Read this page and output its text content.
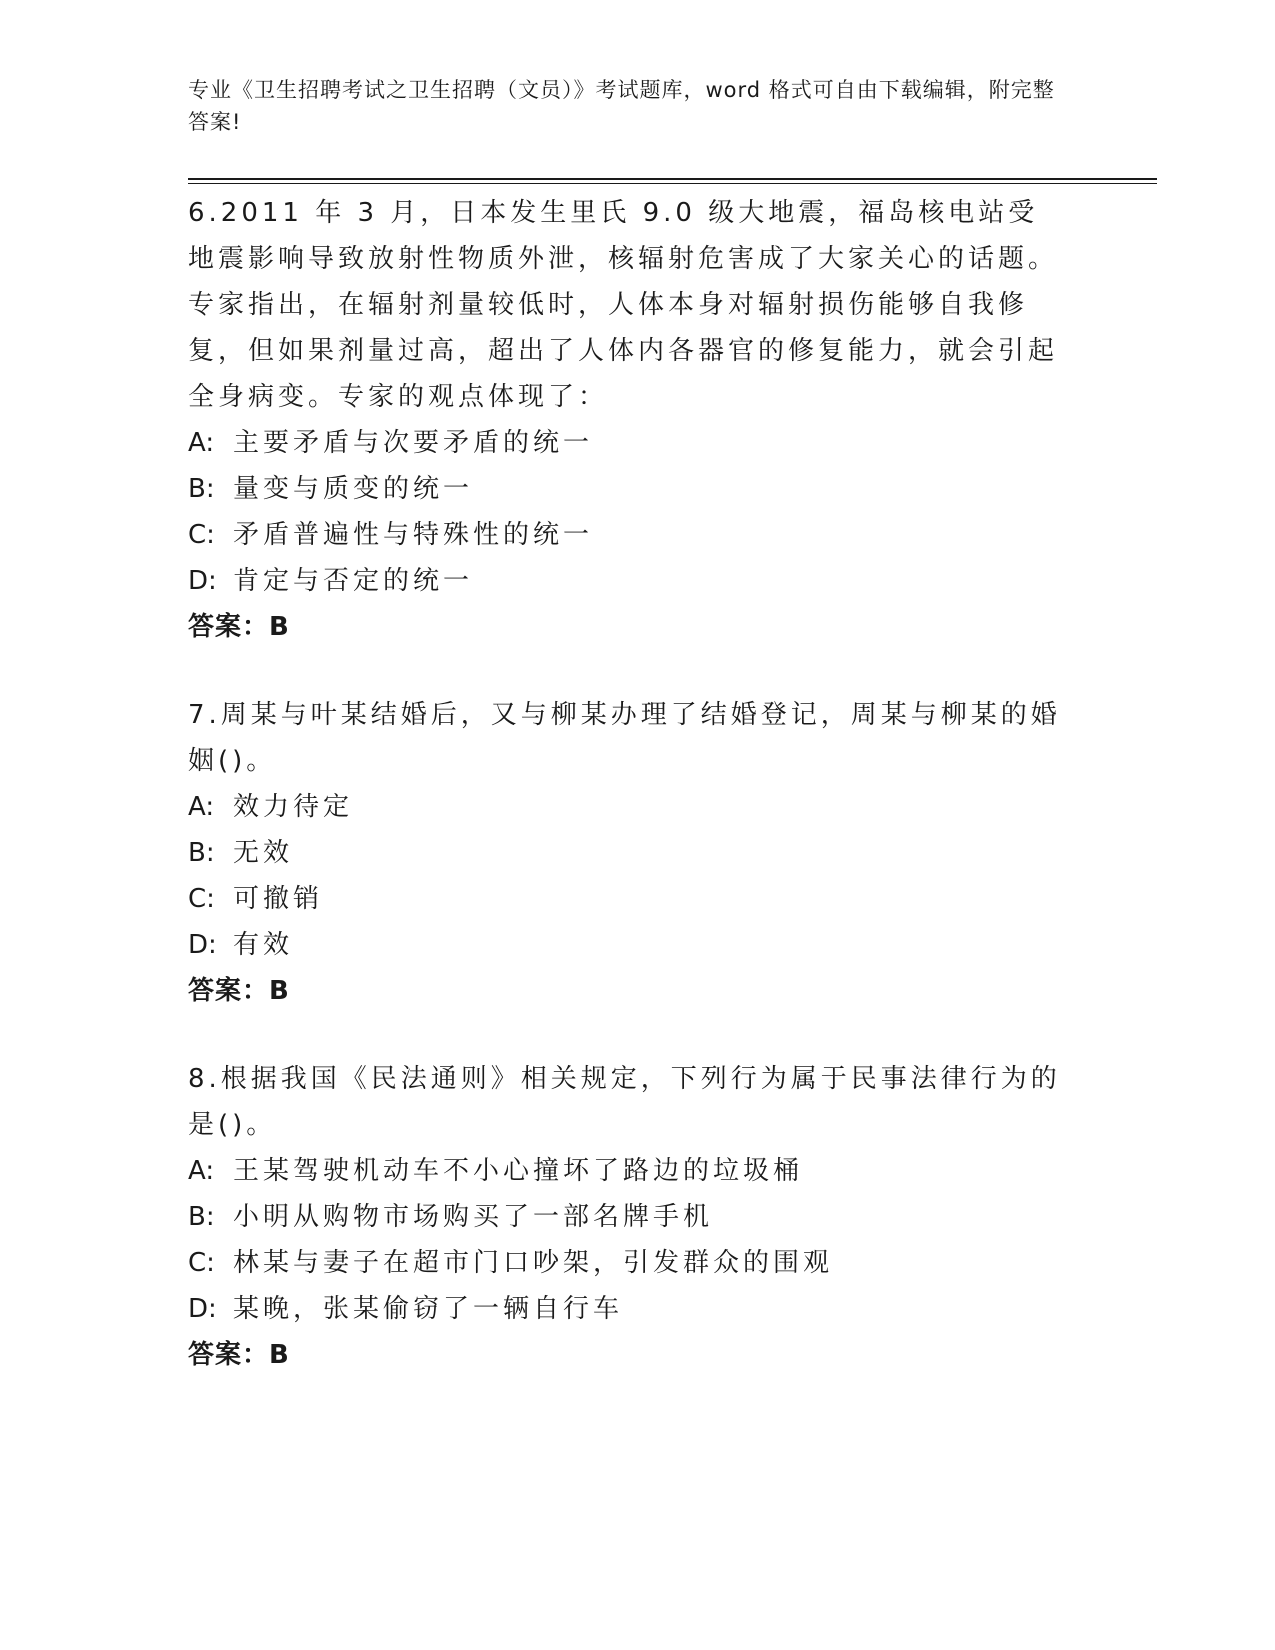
专业《卫生招聘考试之卫生招聘（文员）》考试题库，word 格式可自由下载编辑，附完整答案!

6.2011 年 3 月，日本发生里氏 9.0 级大地震，福岛核电站受地震影响导致放射性物质外泄，核辐射危害成了大家关心的话题。专家指出，在辐射剂量较低时，人体本身对辐射损伤能够自我修复，但如果剂量过高，超出了人体内各器官的修复能力，就会引起全身病变。专家的观点体现了：

A: 主要矛盾与次要矛盾的统一

B: 量变与质变的统一

C: 矛盾普遍性与特殊性的统一

D: 肯定与否定的统一

答案：B

7.周某与叶某结婚后，又与柳某办理了结婚登记，周某与柳某的婚姻()。

A: 效力待定

B: 无效

C: 可撤销

D: 有效

答案：B

8.根据我国《民法通则》相关规定，下列行为属于民事法律行为的是()。

A: 王某驾驶机动车不小心撞坏了路边的垃圾桶

B: 小明从购物市场购买了一部名牌手机

C: 林某与妻子在超市门口吵架，引发群众的围观

D: 某晚，张某偷窃了一辆自行车

答案：B
